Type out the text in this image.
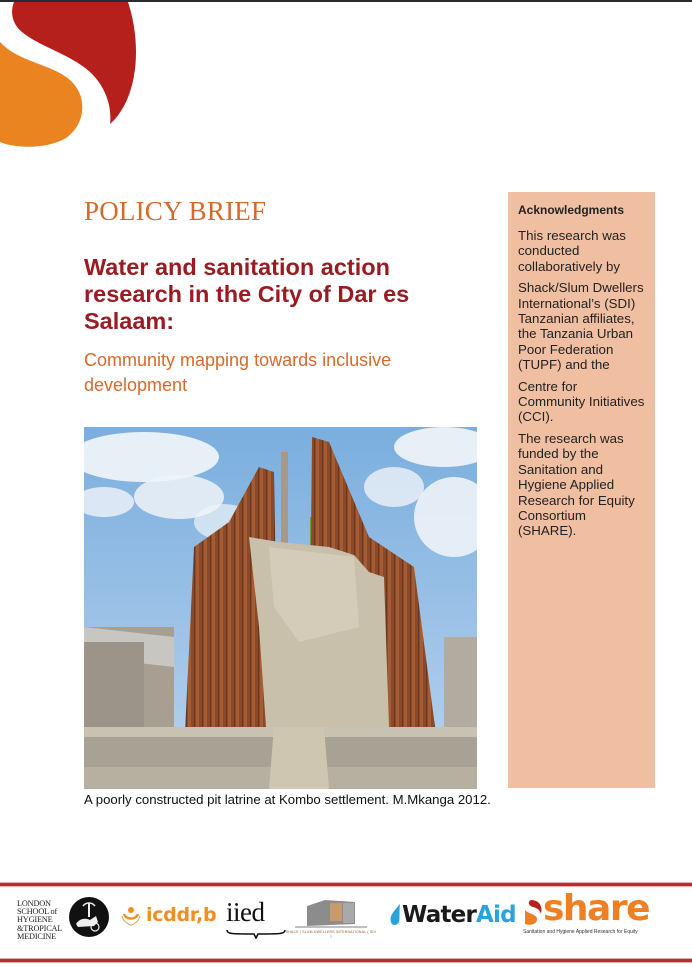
POLICY BRIEF
Water and sanitation action research in the City of Dar es Salaam:
Community mapping towards inclusive development
A poorly constructed pit latrine at Kombo settlement. M.Mkanga 2012.
Acknowledgments

This research was conducted collaboratively by

Shack/Slum Dwellers International’s (SDI) Tanzanian affiliates, the Tanzania Urban Poor Federation (TUPF) and the

Centre for Community Initiatives (CCI).

The research was funded by the Sanitation and Hygiene Applied Research for Equity Consortium (SHARE).

LONDON
SCHOOL of
HYGIENE
&TROPICAL
MEDICINE
icddr,b iied
SHACK / SLUM DWELLERS INTERNATIONAL ( SDI )
WaterAid share
Sanitation and Hygiene Applied Research for Equity
